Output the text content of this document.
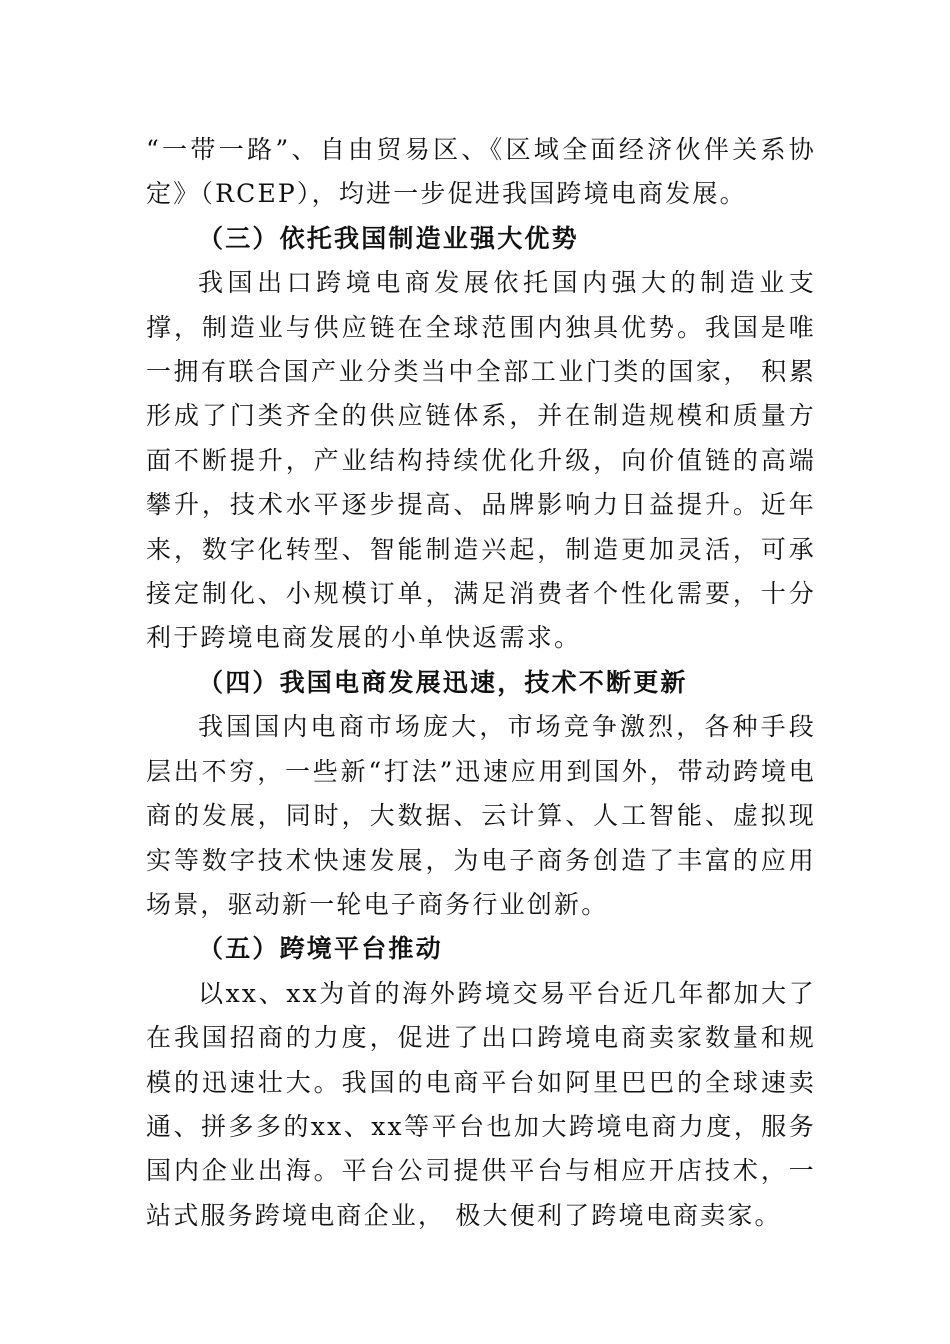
“一带一路”、自由贸易区、《区域全面经济伙伴关系协定》（RCEP），均进一步促进我国跨境电商发展。

（三）依托我国制造业强大优势

我国出口跨境电商发展依托国内强大的制造业支撑，制造业与供应链在全球范围内独具优势。我国是唯一拥有联合国产业分类当中全部工业门类的国家， 积累形成了门类齐全的供应链体系，并在制造规模和质量方面不断提升，产业结构持续优化升级，向价值链的高端攀升，技术水平逐步提高、品牌影响力日益提升。近年来，数字化转型、智能制造兴起，制造更加灵活，可承接定制化、小规模订单，满足消费者个性化需要，十分利于跨境电商发展的小单快返需求。

（四）我国电商发展迅速，技术不断更新

我国国内电商市场庞大，市场竞争激烈，各种手段层出不穷，一些新“打法”迅速应用到国外，带动跨境电商的发展，同时，大数据、云计算、人工智能、虚拟现实等数字技术快速发展，为电子商务创造了丰富的应用场景，驱动新一轮电子商务行业创新。

（五）跨境平台推动

以xx、xx为首的海外跨境交易平台近几年都加大了在我国招商的力度，促进了出口跨境电商卖家数量和规模的迅速壮大。我国的电商平台如阿里巴巴的全球速卖通、拼多多的xx、xx等平台也加大跨境电商力度，服务国内企业出海。平台公司提供平台与相应开店技术，一站式服务跨境电商企业， 极大便利了跨境电商卖家。
